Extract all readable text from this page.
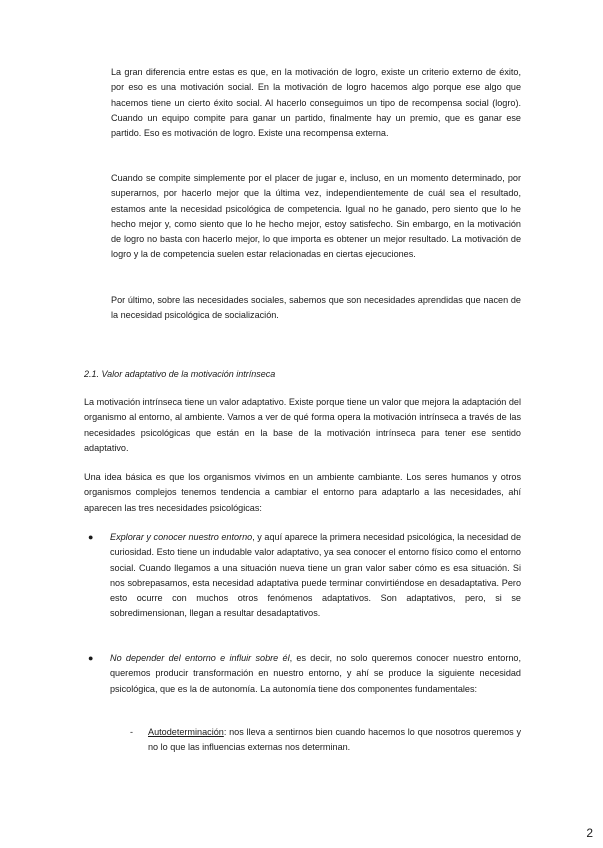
La gran diferencia entre estas es que, en la motivación de logro, existe un criterio externo de éxito, por eso es una motivación social. En la motivación de logro hacemos algo porque ese algo que hacemos tiene un cierto éxito social. Al hacerlo conseguimos un tipo de recompensa social (logro). Cuando un equipo compite para ganar un partido, finalmente hay un premio, que es ganar ese partido. Eso es motivación de logro. Existe una recompensa externa.

Cuando se compite simplemente por el placer de jugar e, incluso, en un momento determinado, por superarnos, por hacerlo mejor que la última vez, independientemente de cuál sea el resultado, estamos ante la necesidad psicológica de competencia. Igual no he ganado, pero siento que lo he hecho mejor y, como siento que lo he hecho mejor, estoy satisfecho. Sin embargo, en la motivación de logro no basta con hacerlo mejor, lo que importa es obtener un mejor resultado. La motivación de logro y la de competencia suelen estar relacionadas en ciertas ejecuciones.

Por último, sobre las necesidades sociales, sabemos que son necesidades aprendidas que nacen de la necesidad psicológica de socialización.

2.1. Valor adaptativo de la motivación intrínseca

La motivación intrínseca tiene un valor adaptativo. Existe porque tiene un valor que mejora la adaptación del organismo al entorno, al ambiente. Vamos a ver de qué forma opera la motivación intrínseca a través de las necesidades psicológicas que están en la base de la motivación intrínseca para tener ese sentido adaptativo.

Una idea básica es que los organismos vivimos en un ambiente cambiante. Los seres humanos y otros organismos complejos tenemos tendencia a cambiar el entorno para adaptarlo a las necesidades, ahí aparecen las tres necesidades psicológicas:

● Explorar y conocer nuestro entorno, y aquí aparece la primera necesidad psicológica, la necesidad de curiosidad. Esto tiene un indudable valor adaptativo, ya sea conocer el entorno físico como el entorno social. Cuando llegamos a una situación nueva tiene un gran valor saber cómo es esa situación. Si nos sobrepasamos, esta necesidad adaptativa puede terminar convirtiéndose en desadaptativa. Pero esto ocurre con muchos otros fenómenos adaptativos. Son adaptativos, pero, si se sobredimensionan, llegan a resultar desadaptativos.

● No depender del entorno e influir sobre él, es decir, no solo queremos conocer nuestro entorno, queremos producir transformación en nuestro entorno, y ahí se produce la siguiente necesidad psicológica, que es la de autonomía. La autonomía tiene dos componentes fundamentales:

- Autodeterminación: nos lleva a sentirnos bien cuando hacemos lo que nosotros queremos y no lo que las influencias externas nos determinan.

2
